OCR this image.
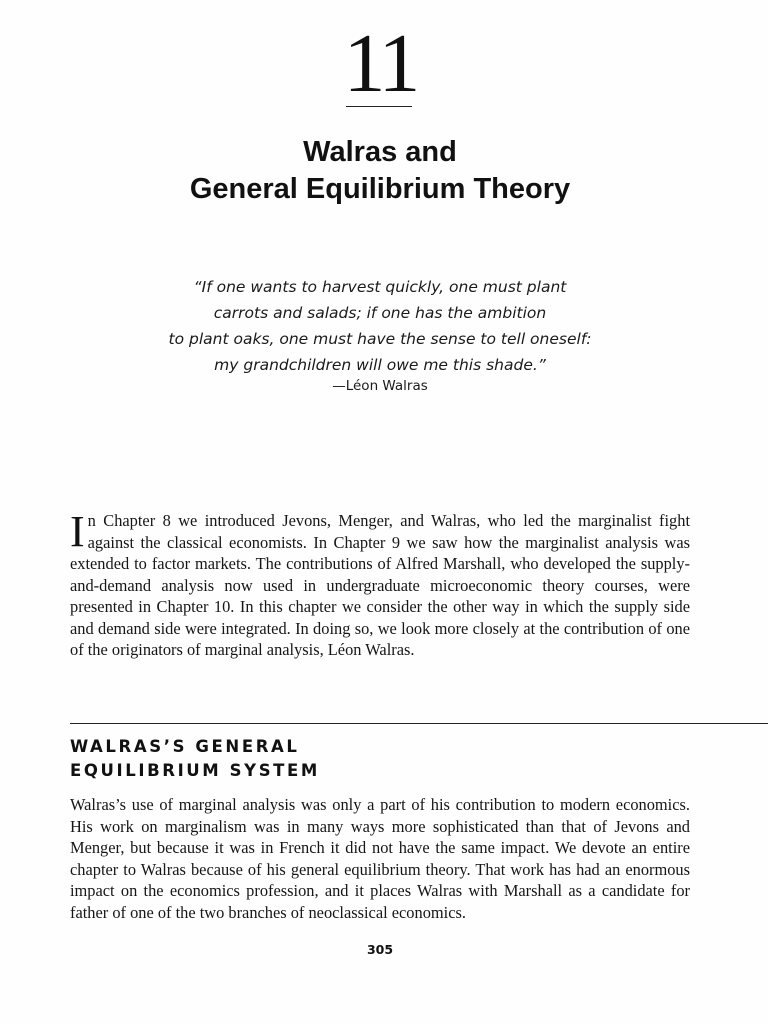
11
Walras and
General Equilibrium Theory
“If one wants to harvest quickly, one must plant
carrots and salads; if one has the ambition
to plant oaks, one must have the sense to tell oneself:
my grandchildren will owe me this shade.”
—Léon Walras
In Chapter 8 we introduced Jevons, Menger, and Walras, who led the marginalist fight against the classical economists. In Chapter 9 we saw how the marginalist analysis was extended to factor markets. The contributions of Alfred Marshall, who developed the supply-and-demand analysis now used in undergraduate microeconomic theory courses, were presented in Chapter 10. In this chapter we consider the other way in which the supply side and demand side were integrated. In doing so, we look more closely at the contribution of one of the originators of marginal analysis, Léon Walras.
WALRAS’S GENERAL
EQUILIBRIUM SYSTEM
Walras’s use of marginal analysis was only a part of his contribution to modern economics. His work on marginalism was in many ways more sophisticated than that of Jevons and Menger, but because it was in French it did not have the same impact. We devote an entire chapter to Walras because of his general equilibrium theory. That work has had an enormous impact on the economics profession, and it places Walras with Marshall as a candidate for father of one of the two branches of neoclassical economics.
305
